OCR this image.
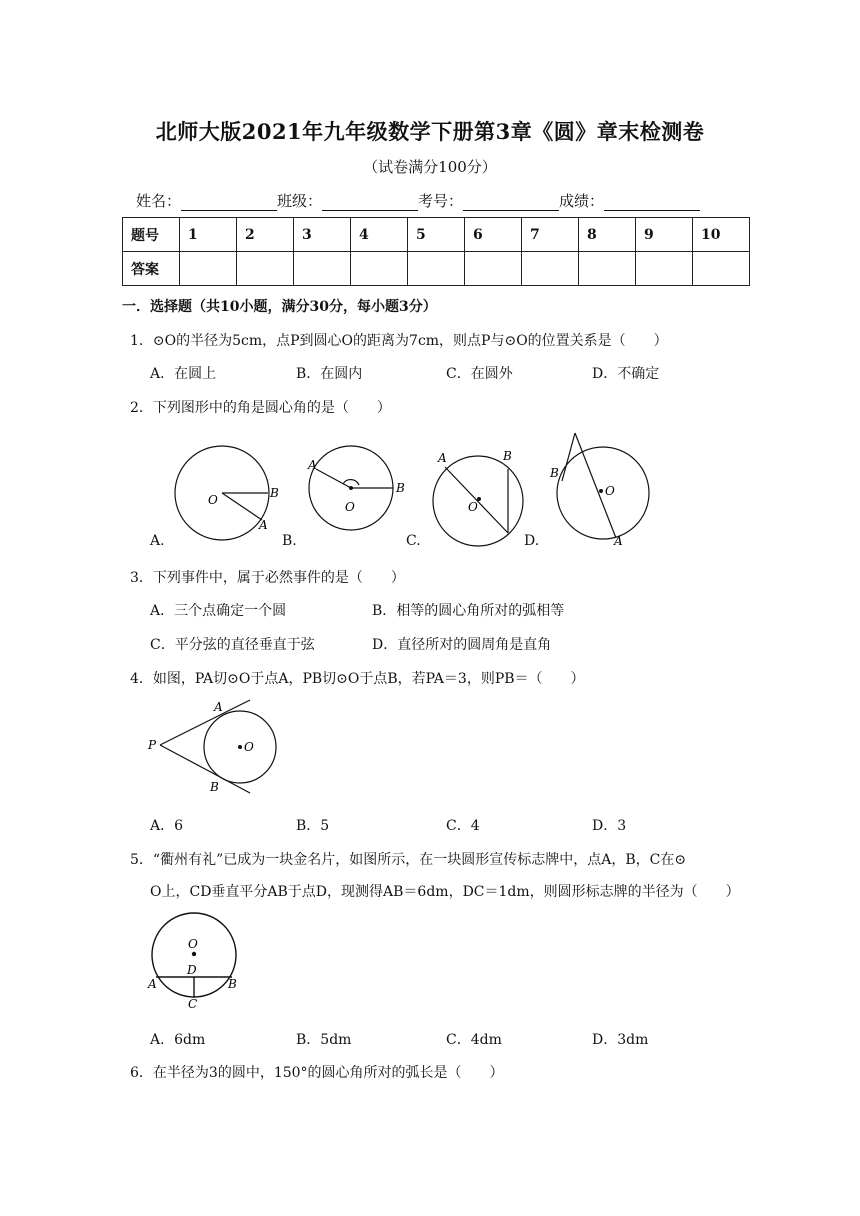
北师大版2021年九年级数学下册第3章《圆》章末检测卷
（试卷满分100分）
姓名：	班级：	考号：	成绩：
题号	1	2	3	4	5	6	7	8	9	10
答案										
一．选择题（共10小题，满分30分，每小题3分）
1．⊙O的半径为5cm，点P到圆心O的距离为7cm，则点P与⊙O的位置关系是（　　）
A．在圆上	B．在圆内	C．在圆外	D．不确定
2．下列图形中的角是圆心角的是（　　）
O	B
A
O
B
A
O
A	B
O
B
A
A.	B.	C.	D.
3．下列事件中，属于必然事件的是（　　）
A．三个点确定一个圆	B．相等的圆心角所对的弧相等
C．平分弦的直径垂直于弦	D．直径所对的圆周角是直角
4．如图，PA切⊙O于点A，PB切⊙O于点B，若PA＝3，则PB＝（　　）
O
P
A
B
A．6	B．5	C．4	D．3
5．“衢州有礼”已成为一块金名片，如图所示，在一块圆形宣传标志牌中，点A，B，C在⊙
O上，CD垂直平分AB于点D，现测得AB＝6dm，DC＝1dm，则圆形标志牌的半径为（　　）
O
D
A	B
C
A．6dm	B．5dm	C．4dm	D．3dm
6．在半径为3的圆中，150°的圆心角所对的弧长是（　　）
